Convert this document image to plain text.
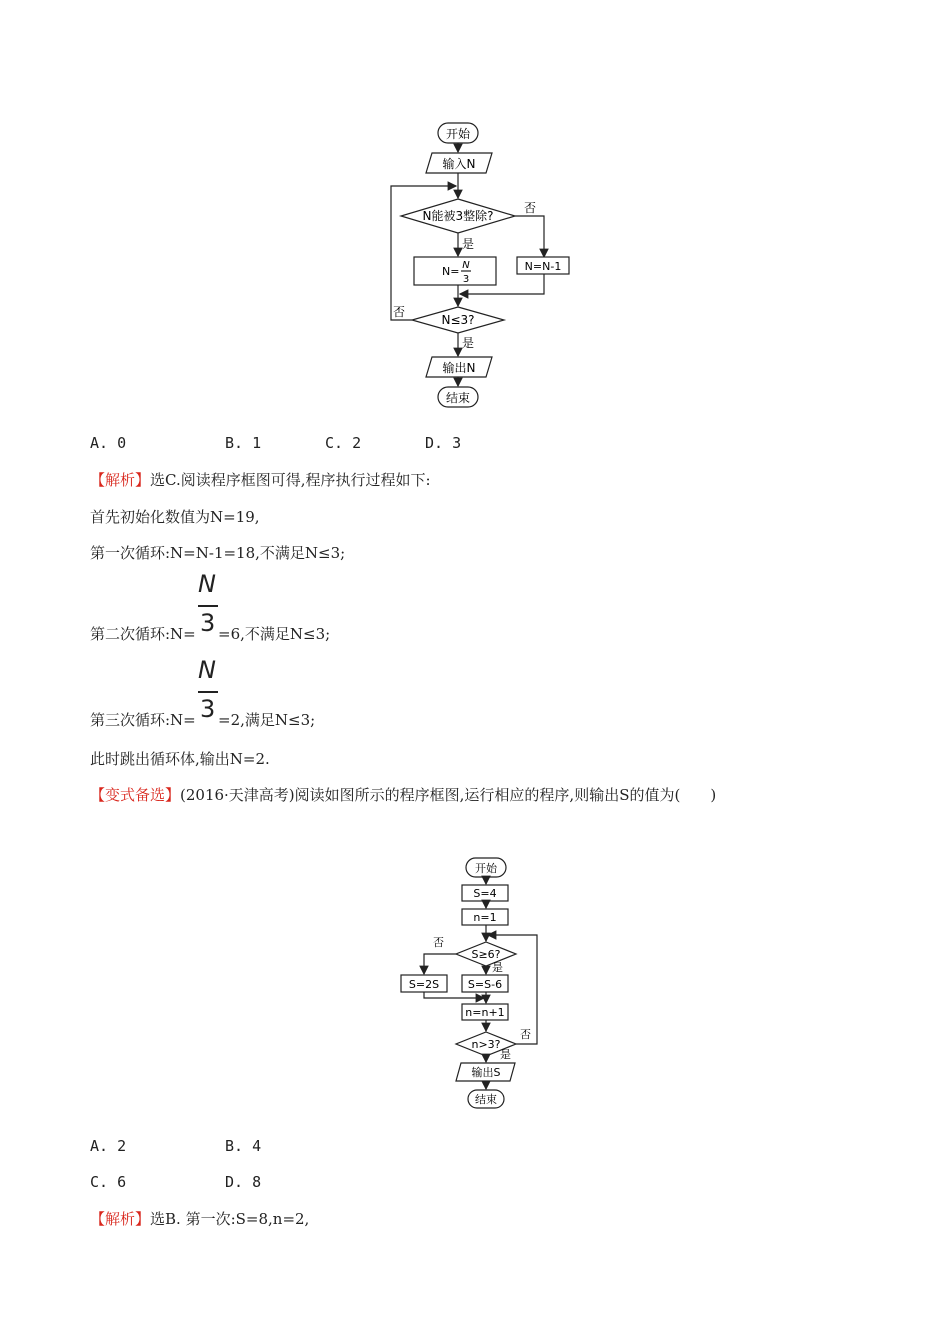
开始
输入N
N能被3整除?
否
是
N= N
3
N=N-1
N≤3?
否
是
输出N
结束
A. 0	B. 1	C. 2	D. 3
【解析】选C.阅读程序框图可得,程序执行过程如下:
首先初始化数值为N=19,
第一次循环:N=N-1=18,不满足N≤3;
N
3
第二次循环:N= =6,不满足N≤3;
N
3
第三次循环:N= =2,满足N≤3;
此时跳出循环体,输出N=2.
【变式备选】(2016·天津高考)阅读如图所示的程序框图,运行相应的程序,则输出S的值为(　　)
开始
S=4
n=1
S≥6?
否
是
S=2S	S=S-6
n=n+1
n>3?
否
是
输出S
结束
A. 2	B. 4
C. 6	D. 8
【解析】选B. 第一次:S=8,n=2,
